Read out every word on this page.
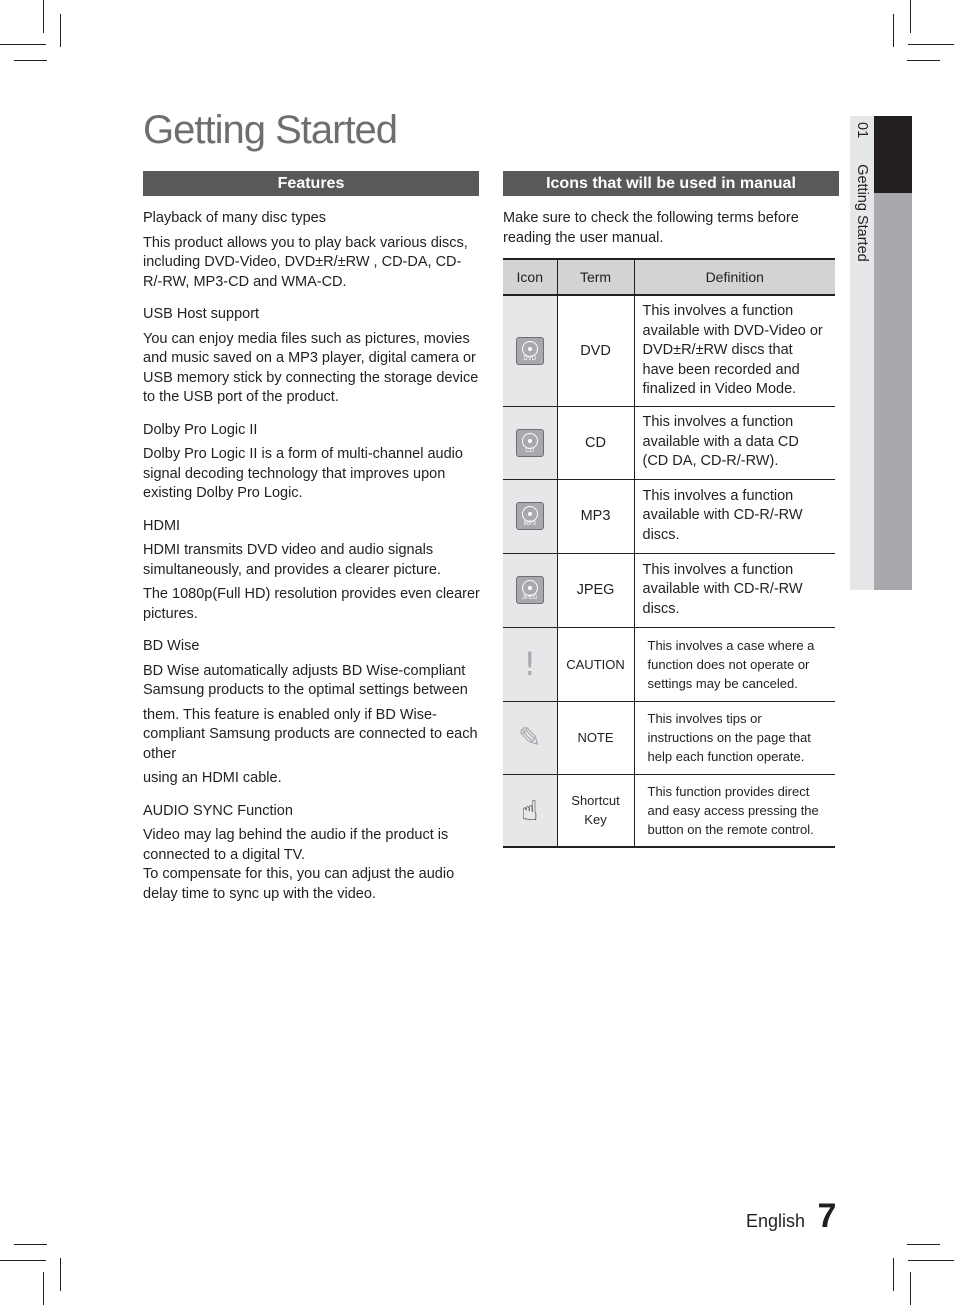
01 Getting Started
Getting Started
Features
Playback of many disc types

This product allows you to play back various discs, including DVD-Video, DVD±R/±RW , CD-DA, CD-R/-RW, MP3-CD and WMA-CD.

USB Host support

You can enjoy media files such as pictures, movies and music saved on a MP3 player, digital camera or USB memory stick by connecting the storage device to the USB port of the product.

Dolby Pro Logic II

Dolby Pro Logic II is a form of multi-channel audio signal decoding technology that improves upon existing Dolby Pro Logic.

HDMI

HDMI transmits DVD video and audio signals simultaneously, and provides a clearer picture.

The 1080p(Full HD) resolution provides even clearer pictures.

BD Wise

BD Wise automatically adjusts BD Wise-compliant Samsung products to the optimal settings between

them. This feature is enabled only if BD Wise-compliant Samsung products are connected to each other

using an HDMI cable.

AUDIO SYNC Function

Video may lag behind the audio if the product is connected to a digital TV.

To compensate for this, you can adjust the audio delay time to sync up with the video.

Icons that will be used in manual

Make sure to check the following terms before reading the user manual.

Icon	Term	Definition

DVD	DVD	This involves a function available with DVD-Video or DVD±R/±RW discs that have been recorded and finalized in Video Mode.

CD	CD	This involves a function available with a data CD (CD DA, CD-R/-RW).

MP3	MP3	This involves a function available with CD-R/-RW discs.

JPEG	JPEG	This involves a function available with CD-R/-RW discs.
!	CAUTION	This involves a case where a function does not operate or settings may be canceled.
✎	NOTE	This involves tips or instructions on the page that help each function operate.
☝	Shortcut Key	This function provides direct and easy access pressing the button on the remote control.
English 7
